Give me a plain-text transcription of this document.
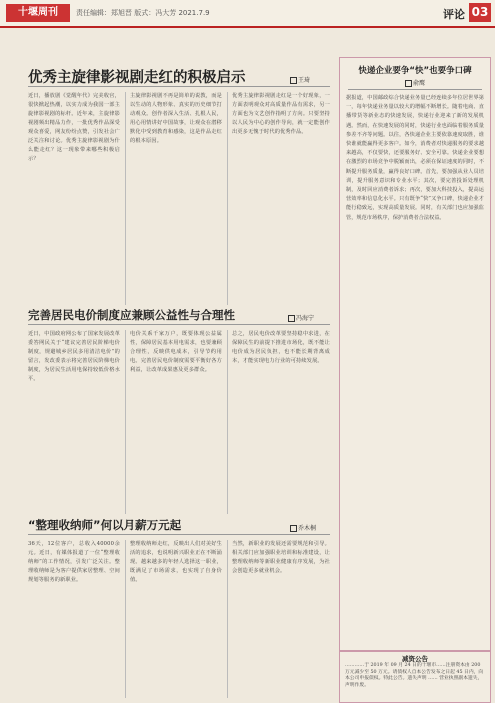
十堰周刊	责任编辑：郑旭晋 版式：冯大芳 2021.7.9	评论 03
优秀主旋律影视剧走红的积极启示	王琦
近日，播放剧《觉醒年代》完美收官，很快掀起热潮，以实力成为我国一部主旋律影视剧的标杆。近年来，主旋律影视剧频出精品力作，一批优秀作品深受观众喜爱，网友纷纷点赞，引发社会广泛关注和讨论。优秀主旋律影视剧为什么能走红？这一现象带来哪些积极启示？
主旋律影视剧不再是简单的说教，而是以生动的人物形象、真实的历史细节打动观众。创作者深入生活、扎根人民，用心用情讲好中国故事，让观众在潜移默化中受到教育和感染，这是作品走红的根本原因。
优秀主旋律影视剧走红是一个好现象，一方面表明观众对高质量作品有需求，另一方面也为文艺创作指明了方向。只要坚持以人民为中心的创作导向，就一定能创作出更多无愧于时代的优秀作品。
完善居民电价制度应兼顾公益性与合理性	冯海宁
近日，中国政府网公布了国家发展改革委答网民关于“建议完善居民阶梯电价制度，规避城乡居民多用清洁电价”的留言，发改委表示将完善居民阶梯电价制度，为居民生活用电保持较低价格水平。
电价关系千家万户，既要体现公益属性，保障居民基本用电需求，也要兼顾合理性，反映供电成本，引导节约用电。完善居民电价制度需要平衡好各方利益，让改革成果惠及更多群众。
总之，居民电价改革要坚持稳中求进，在保障民生的前提下推进市场化，既不能让电价成为居民负担，也不能长期背离成本，才能实现电力行业的可持续发展。
“整理收纳师”何以月薪万元起	乔木桐
36天，12位客户，总收入40000余元。近日，有媒体报道了一位“整理收纳师”的工作情况，引发广泛关注。整理收纳师是为客户提供家居整理、空间规划等服务的新职业。
整理收纳师走红，反映出人们对美好生活的追求，也说明新兴职业正在不断涌现。越来越多的年轻人选择这一职业，既满足了市场需求，也实现了自身价值。
当然，新职业的发展还需要规范和引导。相关部门应加强职业培训和标准建设，让整理收纳师等新职业健康有序发展，为社会创造更多就业机会。
快递企业要争“快”也要争口碑
俞鹰
据报道，中国邮政综合快递业务量已经连续多年位居世界第一，每年快递业务量以较大的增幅不断增长。随着电商、直播带货等新业态的快速发展，快递行业迎来了新的发展机遇。然而，在快速发展的同时，快递行业也面临着服务质量参差不齐等问题。以往，各快递企业主要依靠速度取胜，谁快谁就能赢得更多客户。如今，消费者对快递服务的要求越来越高，不仅要快，还要服务好、安全可靠。快递企业要想在激烈的市场竞争中脱颖而出，必须在保证速度的同时，不断提升服务质量，赢得良好口碑。首先，要加强从业人员培训，提升服务意识和专业水平；其次，要完善投诉处理机制，及时回应消费者诉求；再次，要加大科技投入，提高运营效率和信息化水平。只有既争“快”又争口碑，快递企业才能行稳致远，实现高质量发展。同时，有关部门也应加强监管，规范市场秩序，保护消费者合法权益。
减资公告
…………于 2019 年 09 月 24 日的十堰市……注册资本由 200 万元减少至 50 万元。请债权人自本公告发布之日起 45 日内，向本公司申报债权。特此公告。遗失声明 …… 营业执照副本遗失，声明作废。
